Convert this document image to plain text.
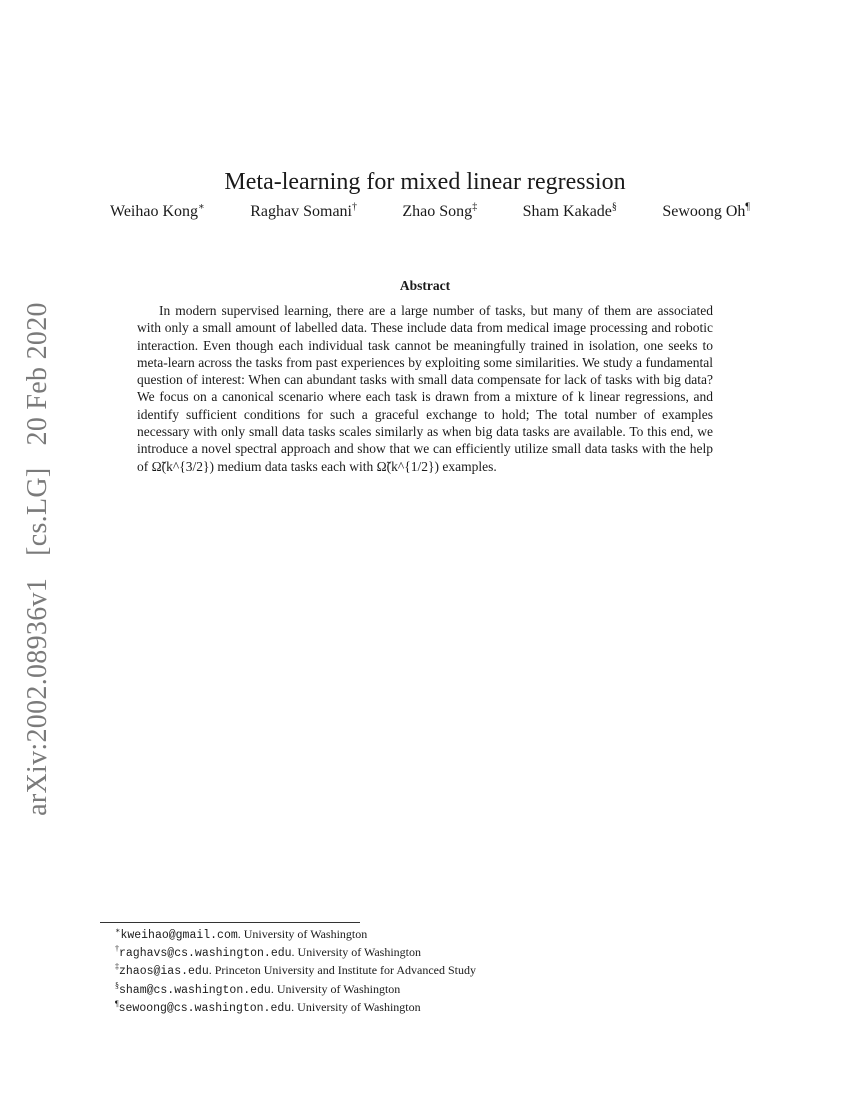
arXiv:2002.08936v1[cs.LG]20 Feb 2020
Meta-learning for mixed linear regression
Weihao Kong∗	Raghav Somani†	Zhao Song‡	Sham Kakade§	Sewoong Oh¶
Abstract

In modern supervised learning, there are a large number of tasks, but many of them are associated with only a small amount of labelled data. These include data from medical image processing and robotic interaction. Even though each individual task cannot be meaningfully trained in isolation, one seeks to meta-learn across the tasks from past experiences by exploiting some similarities. We study a fundamental question of interest: When can abundant tasks with small data compensate for lack of tasks with big data? We focus on a canonical scenario where each task is drawn from a mixture of k linear regressions, and identify sufficient conditions for such a graceful exchange to hold; The total number of examples necessary with only small data tasks scales similarly as when big data tasks are available. To this end, we introduce a novel spectral approach and show that we can efficiently utilize small data tasks with the help of Ω̃(k^{3/2}) medium data tasks each with Ω̃(k^{1/2}) examples.

∗kweihao@gmail.com. University of Washington
†raghavs@cs.washington.edu. University of Washington
‡zhaos@ias.edu. Princeton University and Institute for Advanced Study
§sham@cs.washington.edu. University of Washington
¶sewoong@cs.washington.edu. University of Washington
